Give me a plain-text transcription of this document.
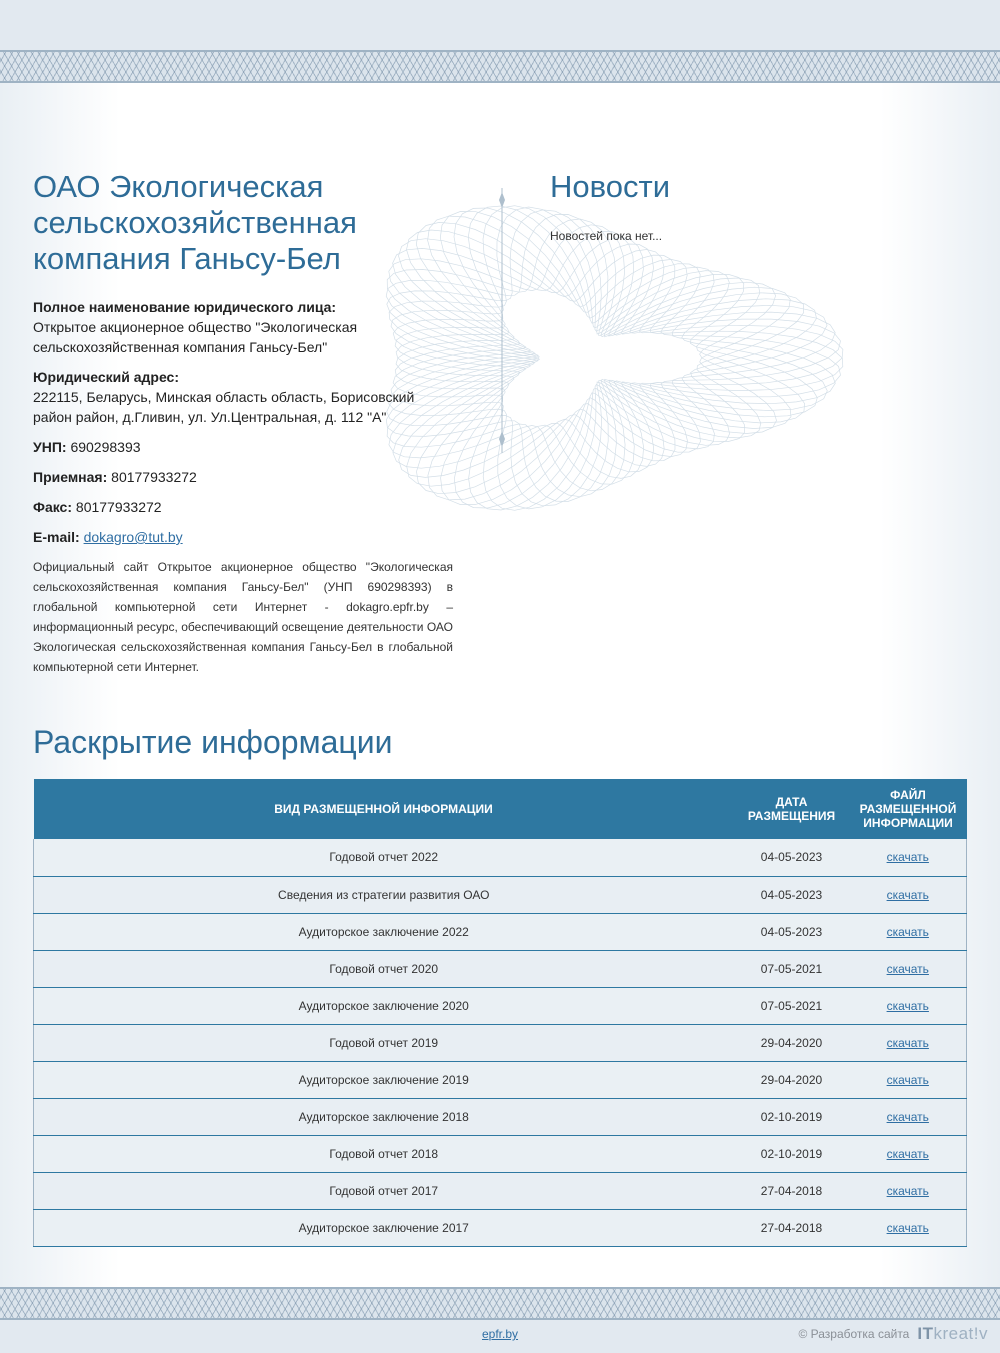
ОАО Экологическая сельскохозяйственная компания Ганьсу-Бел
Полное наименование юридического лица:
Открытое акционерное общество "Экологическая сельскохозяйственная компания Ганьсу-Бел"
Юридический адрес:
222115, Беларусь, Минская область область, Борисовский район район, д.Гливин, ул. Ул.Центральная, д. 112 "А"
УНП: 690298393
Приемная: 80177933272
Факс: 80177933272
E-mail: dokagro@tut.by

Официальный сайт Открытое акционерное общество "Экологическая сельскохозяйственная компания Ганьсу-Бел" (УНП 690298393) в глобальной компьютерной сети Интернет - dokagro.epfr.by – информационный ресурс, обеспечивающий освещение деятельности ОАО Экологическая сельскохозяйственная компания Ганьсу-Бел в глобальной компьютерной сети Интернет.

Новости

Новостей пока нет...

Раскрытие информации
ВИД РАЗМЕЩЕННОЙ ИНФОРМАЦИИ	ДАТА РАЗМЕЩЕНИЯ	ФАЙЛ РАЗМЕЩЕННОЙ ИНФОРМАЦИИ
Годовой отчет 2022	04-05-2023	скачать
Сведения из стратегии развития ОАО	04-05-2023	скачать
Аудиторское заключение 2022	04-05-2023	скачать
Годовой отчет 2020	07-05-2021	скачать
Аудиторское заключение 2020	07-05-2021	скачать
Годовой отчет 2019	29-04-2020	скачать
Аудиторское заключение 2019	29-04-2020	скачать
Аудиторское заключение 2018	02-10-2019	скачать
Годовой отчет 2018	02-10-2019	скачать
Годовой отчет 2017	27-04-2018	скачать
Аудиторское заключение 2017	27-04-2018	скачать
epfr.by	© Разработка сайта ITkreat!v
